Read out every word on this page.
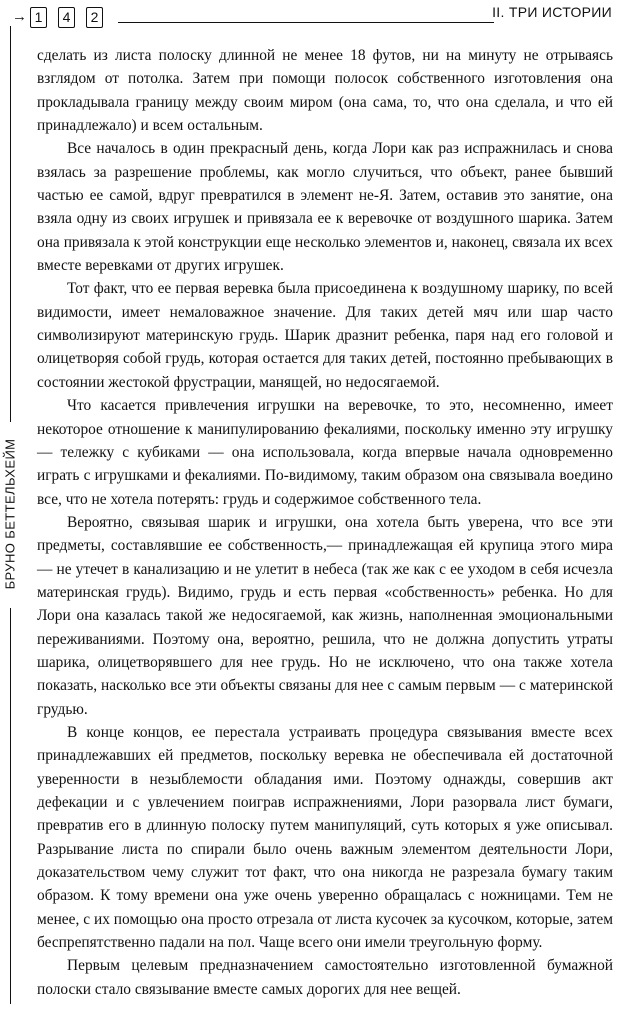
→ 1	4	2	II. ТРИ ИСТОРИИ
БРУНО БЕТТЕЛЬХЕЙМ

сделать из листа полоску длинной не менее 18 футов, ни на минуту не отрываясь взглядом от потолка. Затем при помощи полосок собственного изготовления она прокладывала границу между своим миром (она сама, то, что она сделала, и что ей принадлежало) и всем остальным.

Все началось в один прекрасный день, когда Лори как раз испражнилась и снова взялась за разрешение проблемы, как могло случиться, что объект, ранее бывший частью ее самой, вдруг превратился в элемент не-Я. Затем, оставив это занятие, она взяла одну из своих игрушек и привязала ее к веревочке от воздушного шарика. Затем она привязала к этой конструкции еще несколько элементов и, наконец, связала их всех вместе веревками от других игрушек.

Тот факт, что ее первая веревка была присоединена к воздушному шарику, по всей видимости, имеет немаловажное значение. Для таких детей мяч или шар часто символизируют материнскую грудь. Шарик дразнит ребенка, паря над его головой и олицетворяя собой грудь, которая остается для таких детей, постоянно пребывающих в состоянии жестокой фрустрации, манящей, но недосягаемой.

Что касается привлечения игрушки на веревочке, то это, несомненно, имеет некоторое отношение к манипулированию фекалиями, поскольку именно эту игрушку — тележку с кубиками — она использовала, когда впервые начала одновременно играть с игрушками и фекалиями. По-видимому, таким образом она связывала воедино все, что не хотела потерять: грудь и содержимое собственного тела.

Вероятно, связывая шарик и игрушки, она хотела быть уверена, что все эти предметы, составлявшие ее собственность,— принадлежащая ей крупица этого мира — не утечет в канализацию и не улетит в небеса (так же как с ее уходом в себя исчезла материнская грудь). Видимо, грудь и есть первая «собственность» ребенка. Но для Лори она казалась такой же недосягаемой, как жизнь, наполненная эмоциональными переживаниями. Поэтому она, вероятно, решила, что не должна допустить утраты шарика, олицетворявшего для нее грудь. Но не исключено, что она также хотела показать, насколько все эти объекты связаны для нее с самым первым — с материнской грудью.

В конце концов, ее перестала устраивать процедура связывания вместе всех принадлежавших ей предметов, поскольку веревка не обеспечивала ей достаточной уверенности в незыблемости обладания ими. Поэтому однажды, совершив акт дефекации и с увлечением поиграв испражнениями, Лори разорвала лист бумаги, превратив его в длинную полоску путем манипуляций, суть которых я уже описывал. Разрывание листа по спирали было очень важным элементом деятельности Лори, доказательством чему служит тот факт, что она никогда не разрезала бумагу таким образом. К тому времени она уже очень уверенно обращалась с ножницами. Тем не менее, с их помощью она просто отрезала от листа кусочек за кусочком, которые, затем беспрепятственно падали на пол. Чаще всего они имели треугольную форму.

Первым целевым предназначением самостоятельно изготовленной бумажной полоски стало связывание вместе самых дорогих для нее вещей.
